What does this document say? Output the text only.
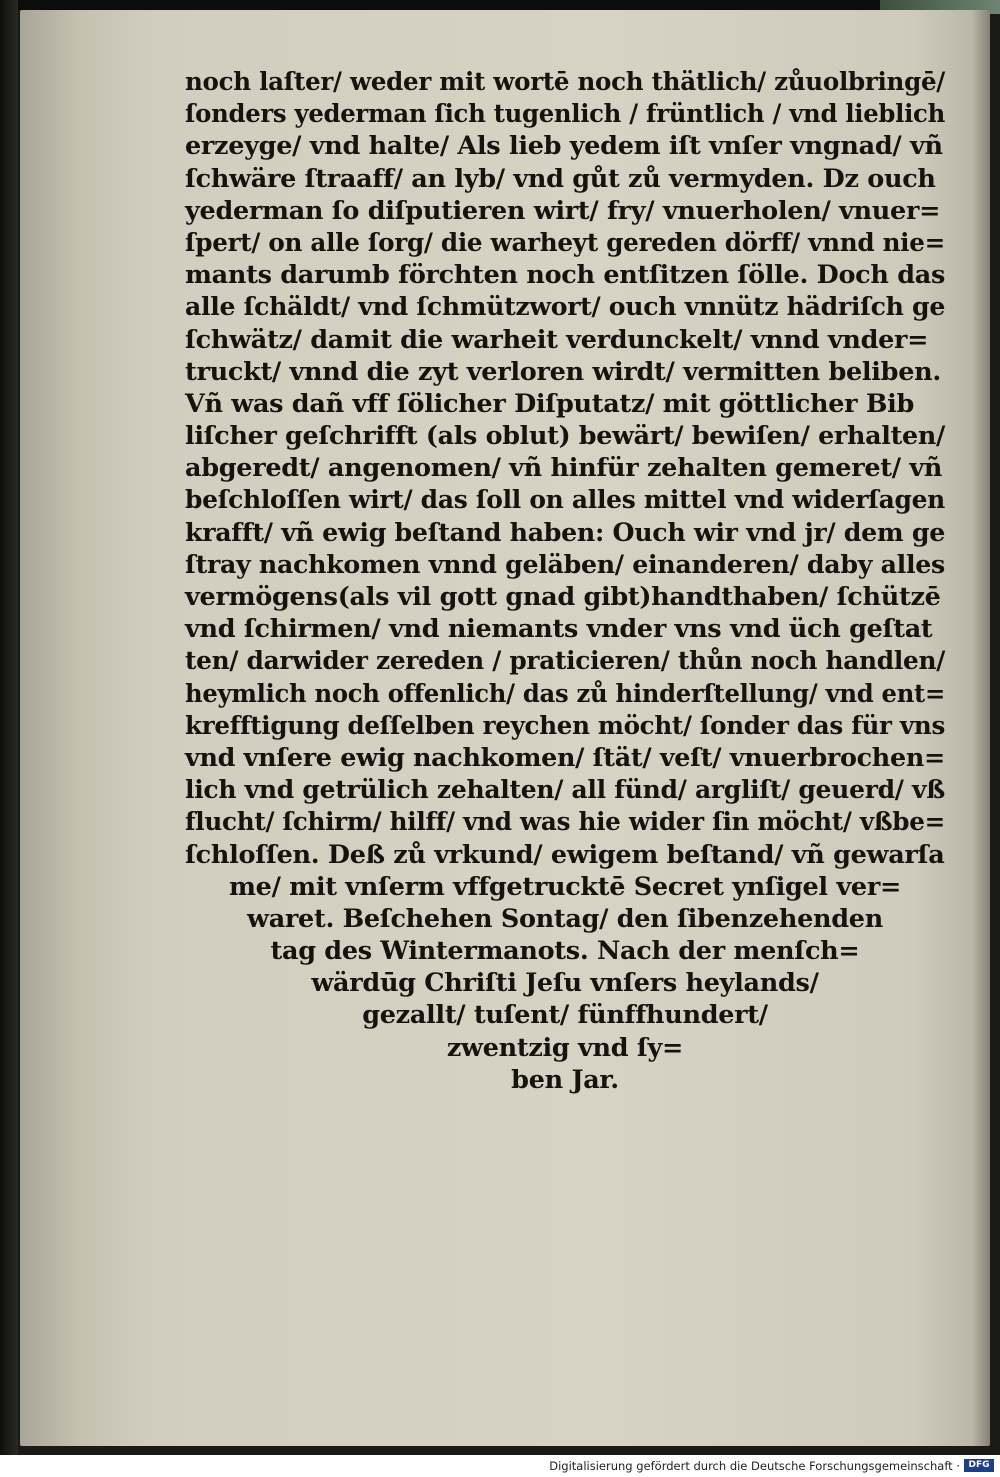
noch laſter/ weder mit wortē noch thätlich/ zůuolbringē/
ſonders yederman ſich tugenlich / früntlich / vnd lieblich
erzeyge/ vnd halte/ Als lieb yedem iſt vnſer vngnad/ vñ
ſchwäre ſtraaff/ an lyb/ vnd gůt zů vermyden. Dz ouch
yederman ſo diſputieren wirt/ fry/ vnuerholen/ vnuer=
ſpert/ on alle ſorg/ die warheyt gereden dörff/ vnnd nie=
mants darumb förchten noch entſitzen ſölle. Doch das
alle ſchäldt/ vnd ſchmützwort/ ouch vnnütz hädriſch ge
ſchwätz/ damit die warheit verdunckelt/ vnnd vnder=
truckt/ vnnd die zyt verloren wirdt/ vermitten beliben.
Vñ was dañ vff ſölicher Diſputatz/ mit göttlicher Bib
liſcher geſchrifft (als oblut) bewärt/ bewiſen/ erhalten/
abgeredt/ angenomen/ vñ hinfür zehalten gemeret/ vñ
beſchloſſen wirt/ das ſoll on alles mittel vnd widerſagen
krafft/ vñ ewig beſtand haben: Ouch wir vnd jr/ dem ge
ſtray nachkomen vnnd geläben/ einanderen/ daby alles
vermögens(als vil gott gnad gibt)handthaben/ ſchützē
vnd ſchirmen/ vnd niemants vnder vns vnd üch geſtat
ten/ darwider zereden / praticieren/ thůn noch handlen/
heymlich noch offenlich/ das zů hinderſtellung/ vnd ent=
krefftigung deſſelben reychen möcht/ ſonder das für vns
vnd vnſere ewig nachkomen/ ſtät/ veſt/ vnuerbrochen=
lich vnd getrülich zehalten/ all fünd/ argliſt/ geuerd/ vß
flucht/ ſchirm/ hilff/ vnd was hie wider ſin möcht/ vßbe=
ſchloſſen. Deß zů vrkund/ ewigem beſtand/ vñ gewarſa
me/ mit vnſerm vffgetrucktē Secret ynſigel ver=
waret. Beſchehen Sontag/ den ſibenzehenden
tag des Wintermanots. Nach der menſch=
wärdūg Chriſti Jeſu vnſers heylands/
gezallt/ tuſent/ fünffhundert/
zwentzig vnd ſy=
ben Jar.
Digitalisierung gefördert durch die Deutsche Forschungsgemeinschaft · DFG
